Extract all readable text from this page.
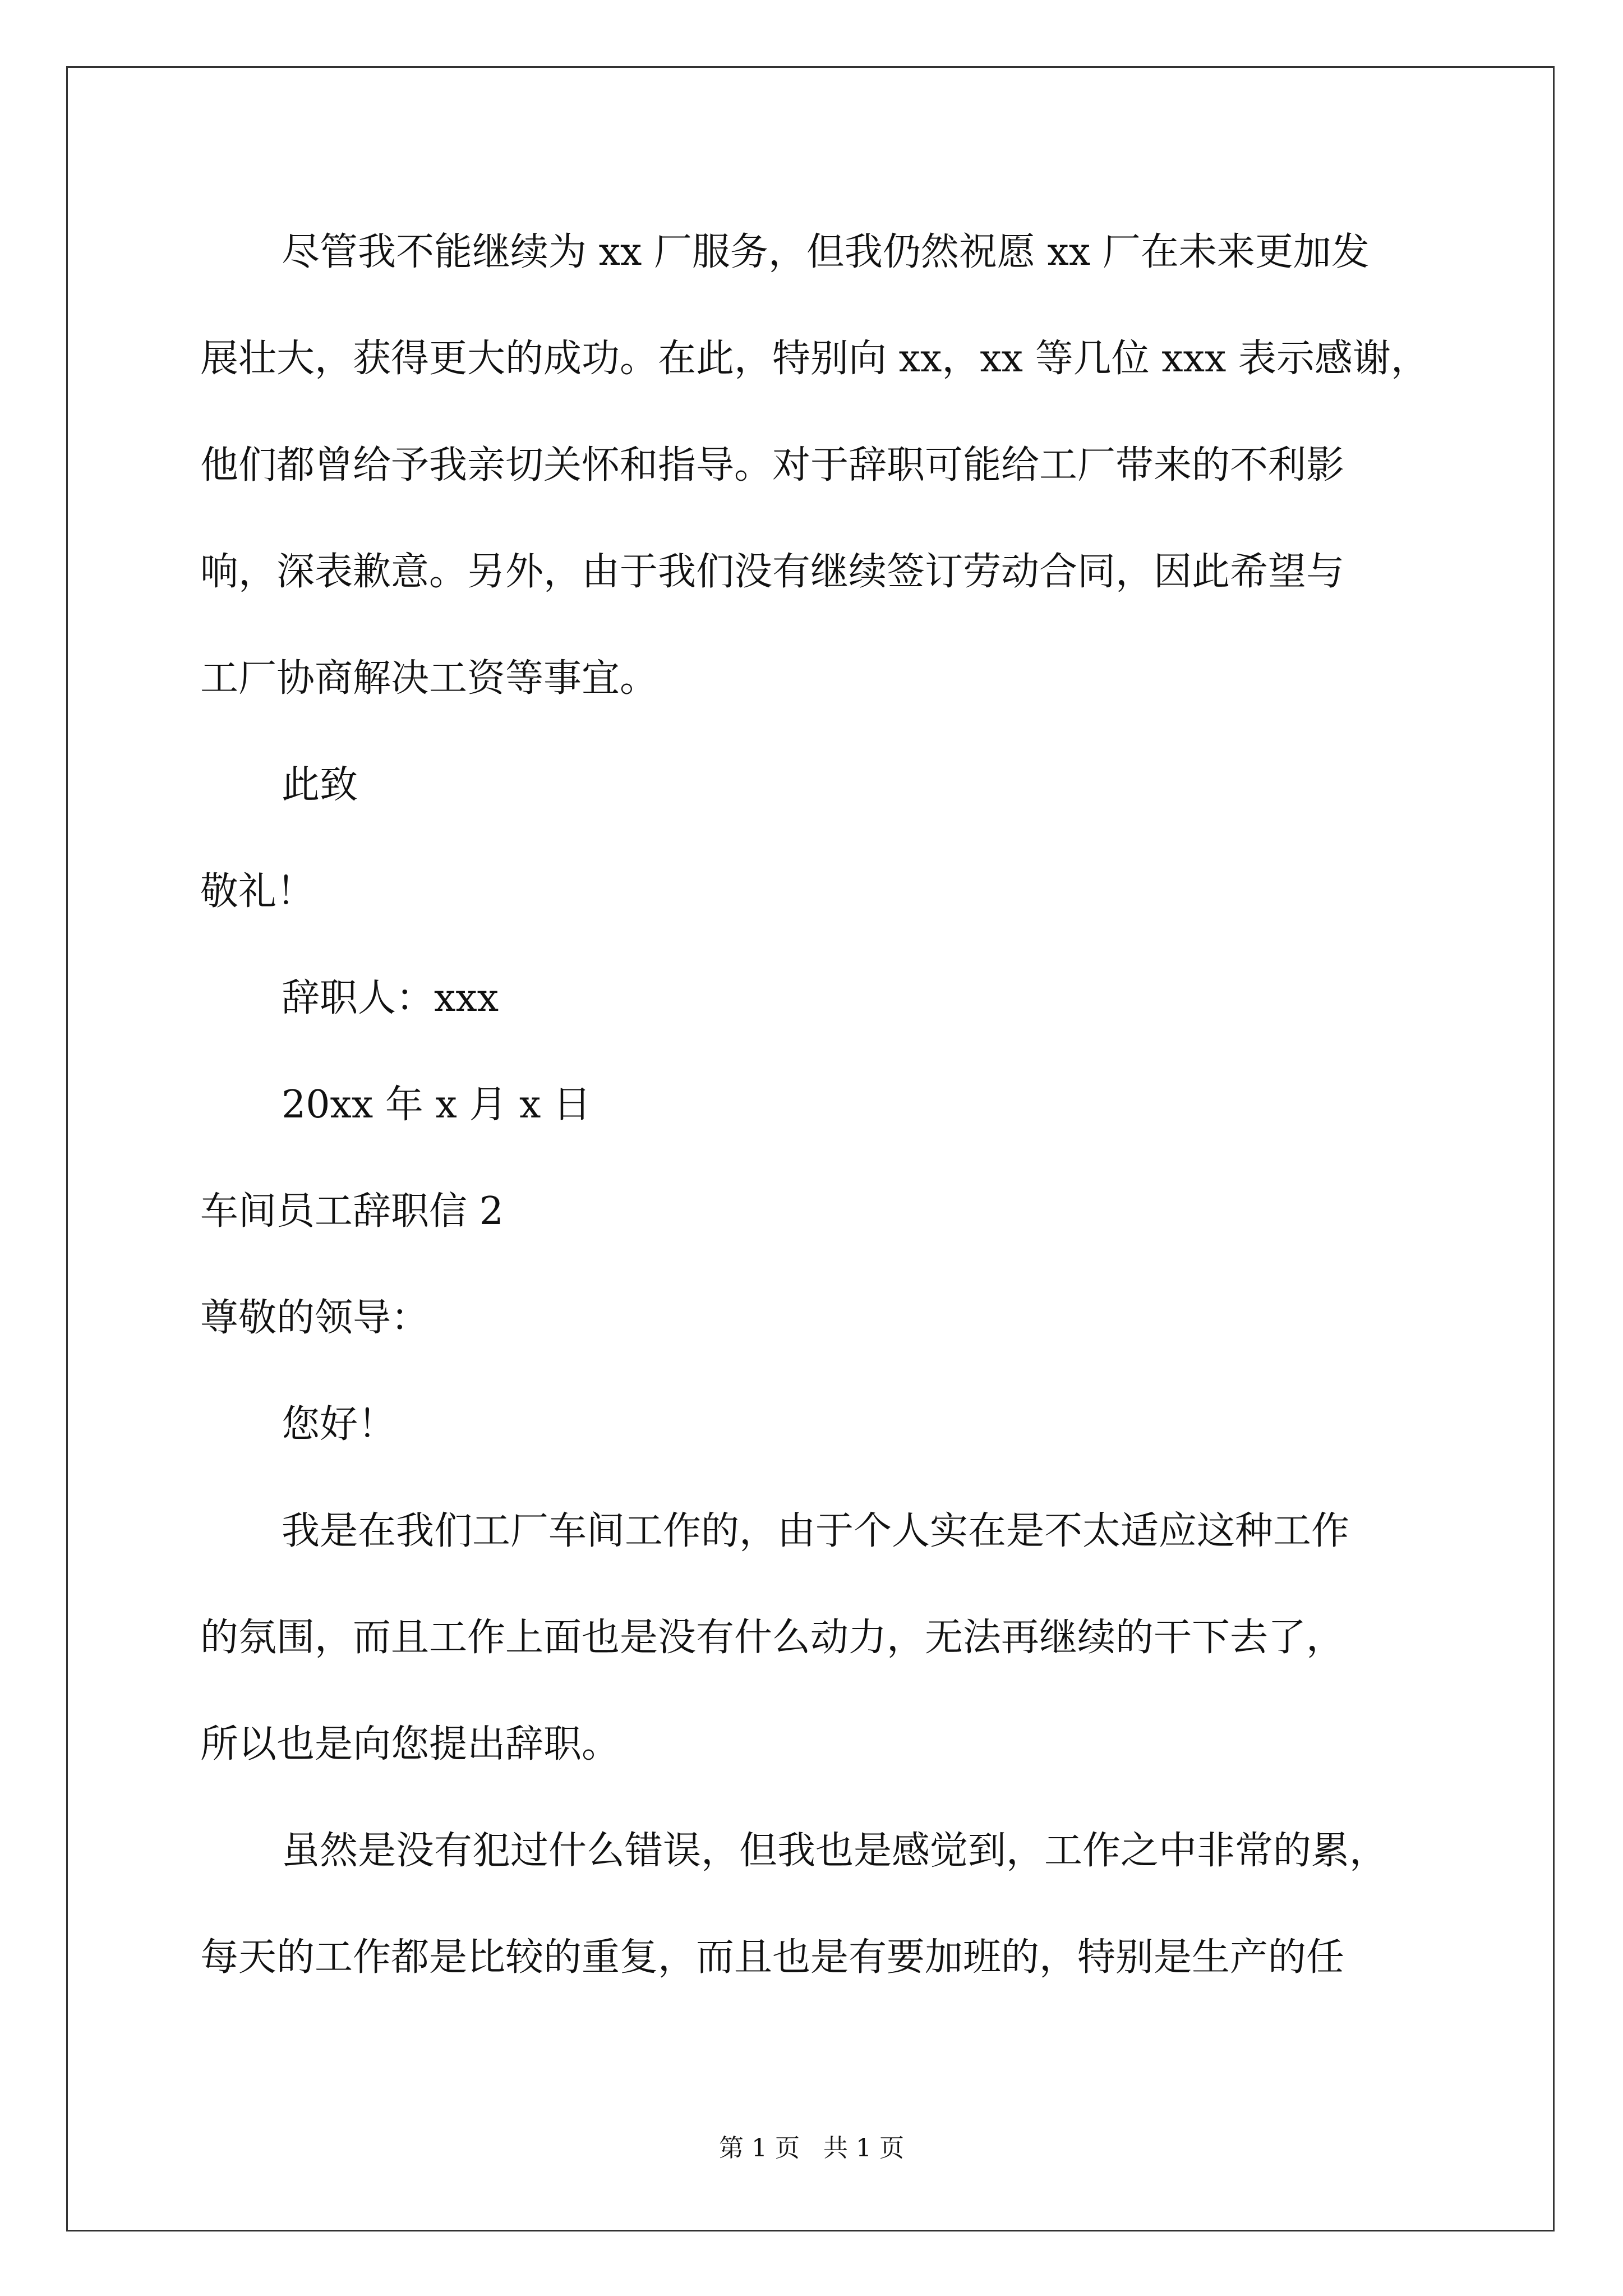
尽管我不能继续为 xx 厂服务，但我仍然祝愿 xx 厂在未来更加发
展壮大，获得更大的成功。在此，特别向 xx，xx 等几位 xxx 表示感谢，
他们都曾给予我亲切关怀和指导。对于辞职可能给工厂带来的不利影
响，深表歉意。另外，由于我们没有继续签订劳动合同，因此希望与
工厂协商解决工资等事宜。
此致
敬礼！
辞职人：xxx
20xx 年 x 月 x 日
车间员工辞职信 2
尊敬的领导：
您好！
我是在我们工厂车间工作的，由于个人实在是不太适应这种工作
的氛围，而且工作上面也是没有什么动力，无法再继续的干下去了，
所以也是向您提出辞职。
虽然是没有犯过什么错误，但我也是感觉到，工作之中非常的累，
每天的工作都是比较的重复，而且也是有要加班的，特别是生产的任
第 1 页 共 1 页
